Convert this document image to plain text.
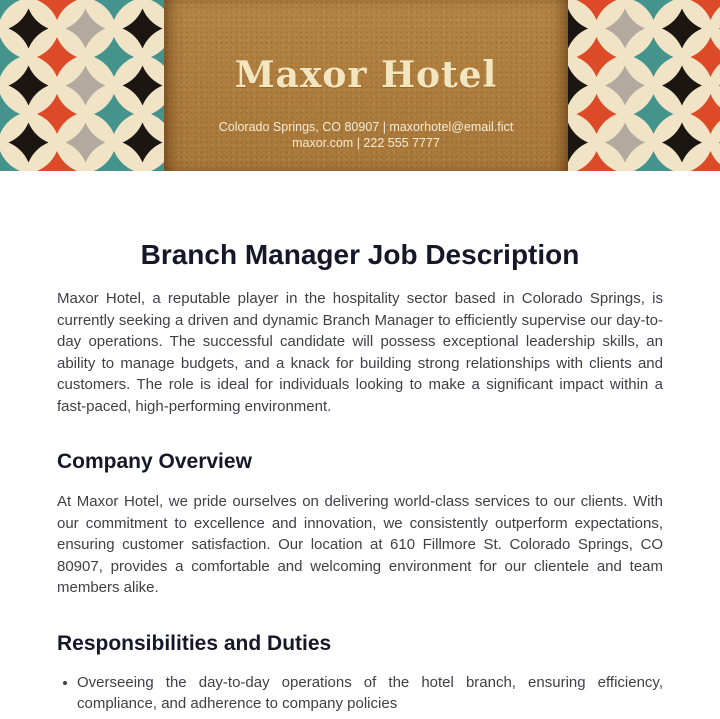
Maxor Hotel
Colorado Springs, CO 80907 | maxorhotel@email.fict
maxor.com | 222 555 7777
Branch Manager Job Description

Maxor Hotel, a reputable player in the hospitality sector based in Colorado Springs, is currently seeking a driven and dynamic Branch Manager to efficiently supervise our day-to-day operations. The successful candidate will possess exceptional leadership skills, an ability to manage budgets, and a knack for building strong relationships with clients and customers. The role is ideal for individuals looking to make a significant impact within a fast-paced, high-performing environment.

Company Overview

At Maxor Hotel, we pride ourselves on delivering world-class services to our clients. With our commitment to excellence and innovation, we consistently outperform expectations, ensuring customer satisfaction. Our location at 610 Fillmore St. Colorado Springs, CO 80907, provides a comfortable and welcoming environment for our clientele and team members alike.

Responsibilities and Duties
Overseeing the day-to-day operations of the hotel branch, ensuring efficiency, compliance, and adherence to company policies
